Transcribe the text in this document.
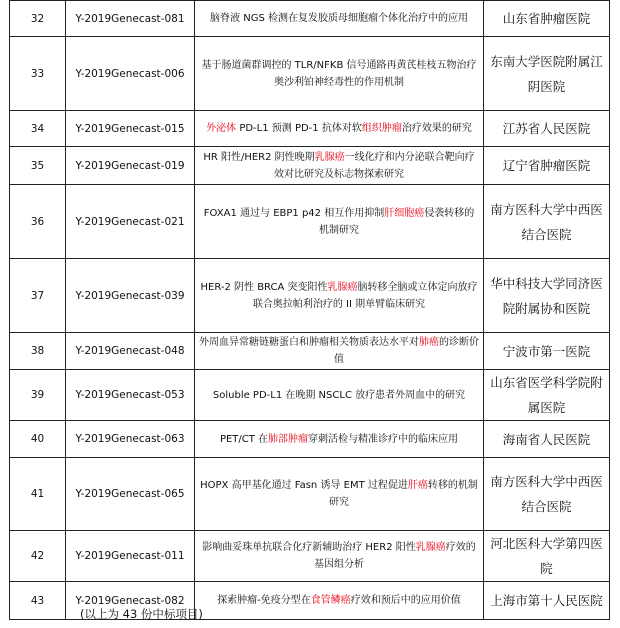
32	Y-2019Genecast-081	脑脊液 NGS 检测在复发胶质母细胞瘤个体化治疗中的应用	山东省肿瘤医院
33	Y-2019Genecast-006	基于肠道菌群调控的 TLR/NFKB 信号通路再黄芪桂枝五物治疗奥沙利铂神经毒性的作用机制	东南大学医院附属江阴医院
34	Y-2019Genecast-015	外泌体 PD-L1 预测 PD-1 抗体对软组织肿瘤治疗效果的研究	江苏省人民医院
35	Y-2019Genecast-019	HR 阳性/HER2 阴性晚期乳腺癌一线化疗和内分泌联合靶向疗效对比研究及标志物探索研究	辽宁省肿瘤医院
36	Y-2019Genecast-021	FOXA1 通过与 EBP1 p42 相互作用抑制肝细胞癌侵袭转移的机制研究	南方医科大学中西医结合医院
37	Y-2019Genecast-039	HER-2 阴性 BRCA 突变阳性乳腺癌脑转移全脑或立体定向放疗联合奥拉帕利治疗的 II 期单臂临床研究	华中科技大学同济医院附属协和医院
38	Y-2019Genecast-048	外周血异常糖链糖蛋白和肿瘤相关物质表达水平对肺癌的诊断价值	宁波市第一医院
39	Y-2019Genecast-053	Soluble PD-L1 在晚期 NSCLC 放疗患者外周血中的研究	山东省医学科学院附属医院
40	Y-2019Genecast-063	PET/CT 在肺部肿瘤穿刺活检与精准诊疗中的临床应用	海南省人民医院
41	Y-2019Genecast-065	HOPX 高甲基化通过 Fasn 诱导 EMT 过程促进肝癌转移的机制研究	南方医科大学中西医结合医院
42	Y-2019Genecast-011	影响曲妥珠单抗联合化疗新辅助治疗 HER2 阳性乳腺癌疗效的基因组分析	河北医科大学第四医院
43	Y-2019Genecast-082	探索肿瘤-免疫分型在食管鳞癌疗效和预后中的应用价值	上海市第十人民医院
(以上为 43 份中标项目)
